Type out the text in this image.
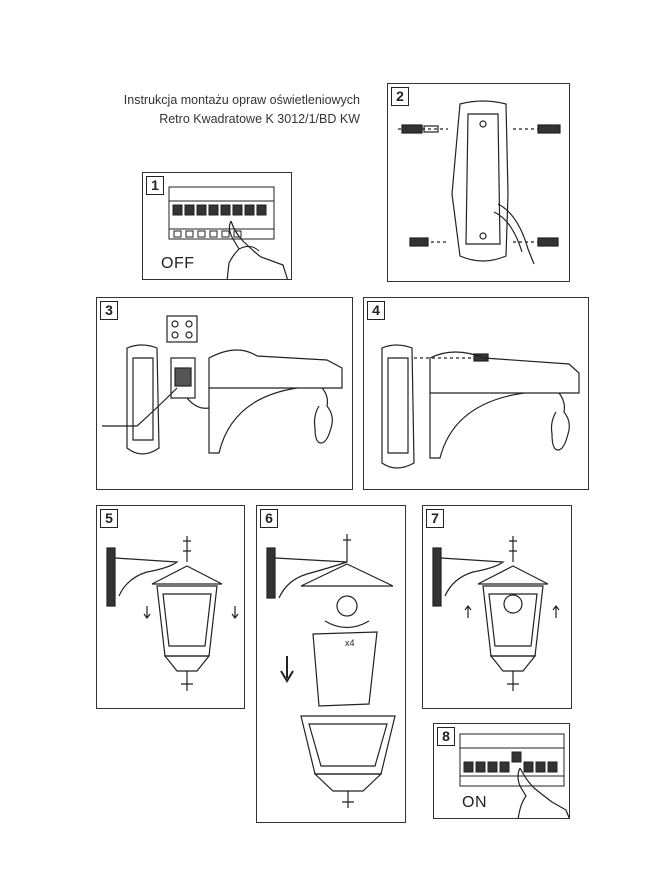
Instrukcja montażu opraw oświetleniowych
Retro Kwadratowe K 3012/1/BD KW
1
OFF
2
3	4
5	6
x4
7
8
ON
